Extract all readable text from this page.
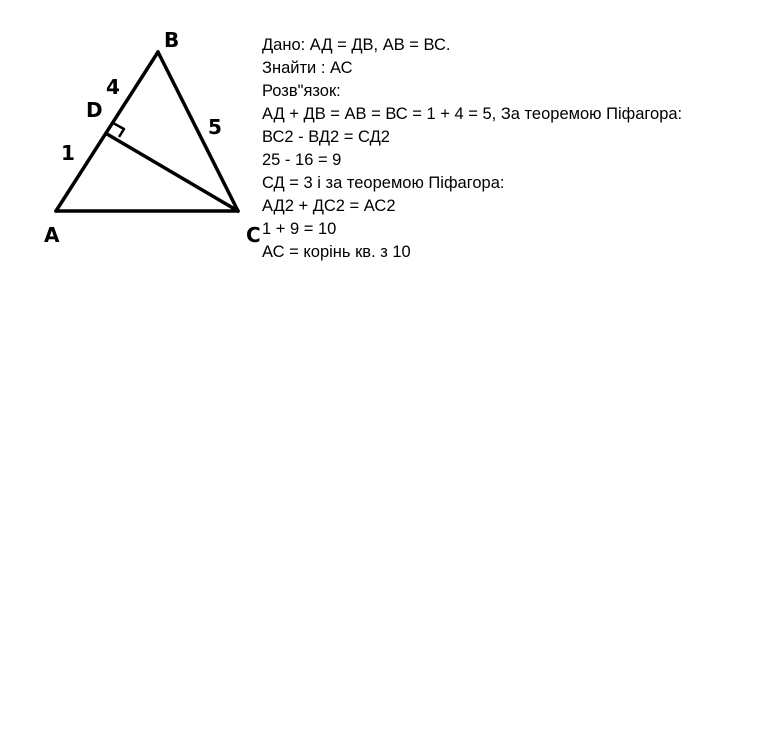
B
D
A	C
4
1
5
Дано: АД = ДВ, АВ = ВС.
Знайти : АС
Розв"язок:
АД + ДВ = АВ = ВС = 1 + 4 = 5, За теоремою Піфагора:
ВС2 - ВД2 = СД2
25 - 16 = 9
СД = 3 і за теоремою Піфагора:
АД2 + ДС2 = АС2
1 + 9 = 10
АС = корінь кв. з 10
